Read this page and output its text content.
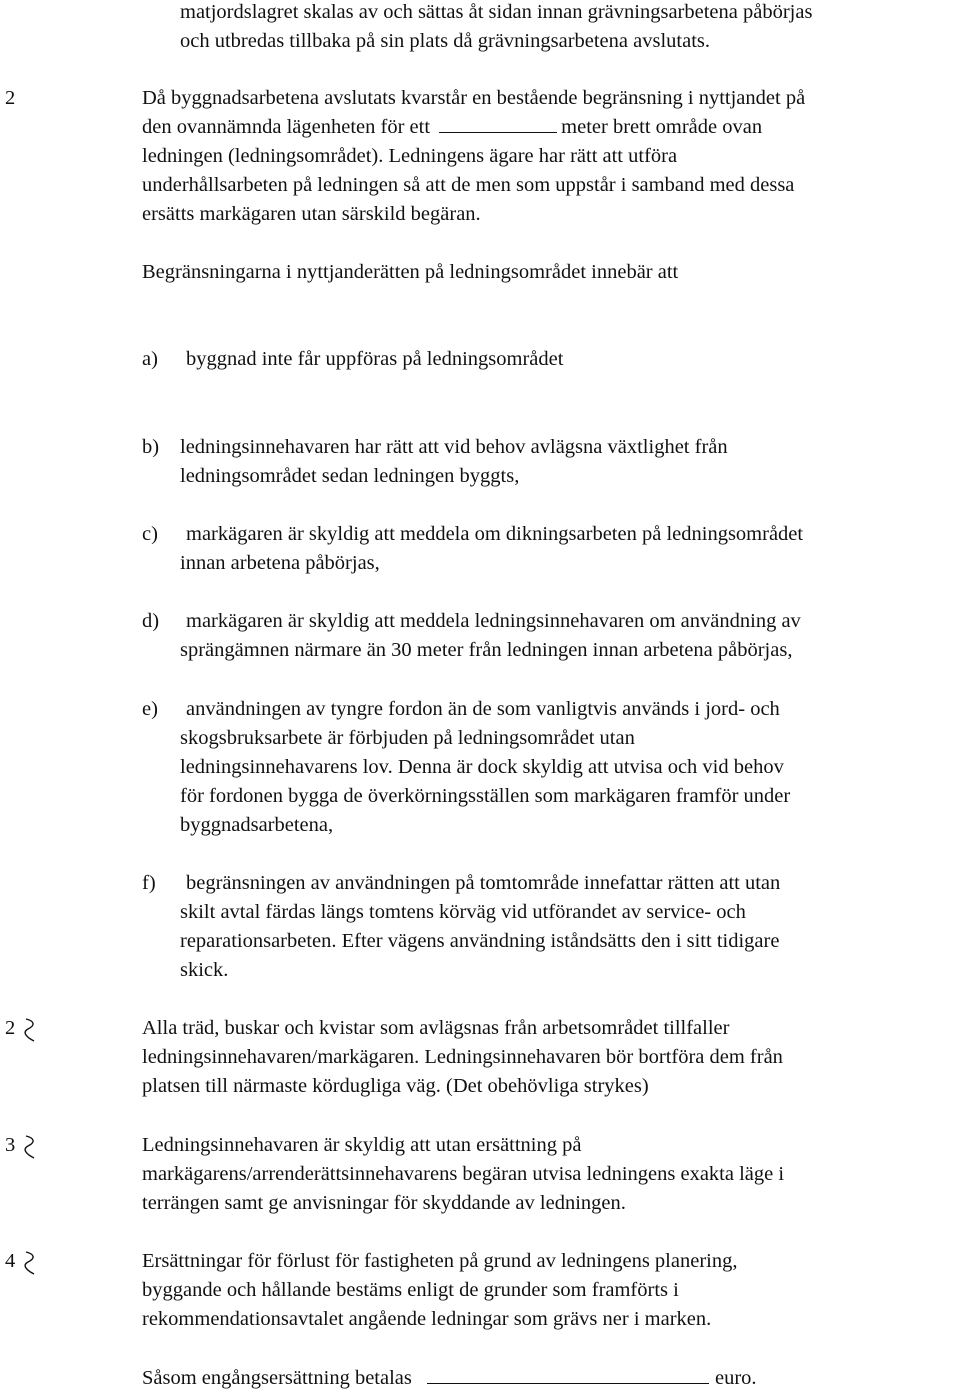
matjordslagret skalas av och sättas åt sidan innan grävningsarbetena påbörjas
och utbredas tillbaka på sin plats då grävningsarbetena avslutats.
2	Då byggnadsarbetena avslutats kvarstår en bestående begränsning i nyttjandet på
den ovannämnda lägenheten för ett	meter brett område ovan
ledningen (ledningsområdet). Ledningens ägare har rätt att utföra
underhållsarbeten på ledningen så att de men som uppstår i samband med dessa
ersätts markägaren utan särskild begäran.
Begränsningarna i nyttjanderätten på ledningsområdet innebär att
a) byggnad inte får uppföras på ledningsområdet
b) ledningsinnehavaren har rätt att vid behov avlägsna växtlighet från
ledningsområdet sedan ledningen byggts,
c) markägaren är skyldig att meddela om dikningsarbeten på ledningsområdet
innan arbetena påbörjas,
d) markägaren är skyldig att meddela ledningsinnehavaren om användning av
sprängämnen närmare än 30 meter från ledningen innan arbetena påbörjas,
e) användningen av tyngre fordon än de som vanligtvis används i jord- och
skogsbruksarbete är förbjuden på ledningsområdet utan
ledningsinnehavarens lov. Denna är dock skyldig att utvisa och vid behov
för fordonen bygga de överkörningsställen som markägaren framför under
byggnadsarbetena,
f) begränsningen av användningen på tomtområde innefattar rätten att utan
skilt avtal färdas längs tomtens körväg vid utförandet av service- och
reparationsarbeten. Efter vägens användning iståndsätts den i sitt tidigare
skick.
2	Alla träd, buskar och kvistar som avlägsnas från arbetsområdet tillfaller
ledningsinnehavaren/markägaren. Ledningsinnehavaren bör bortföra dem från
platsen till närmaste kördugliga väg. (Det obehövliga strykes)
3	Ledningsinnehavaren är skyldig att utan ersättning på
markägarens/arrenderättsinnehavarens begäran utvisa ledningens exakta läge i
terrängen samt ge anvisningar för skyddande av ledningen.
4	Ersättningar för förlust för fastigheten på grund av ledningens planering,
byggande och hållande bestäms enligt de grunder som framförts i
rekommendationsavtalet angående ledningar som grävs ner i marken.
Såsom engångsersättning betalas	euro.
